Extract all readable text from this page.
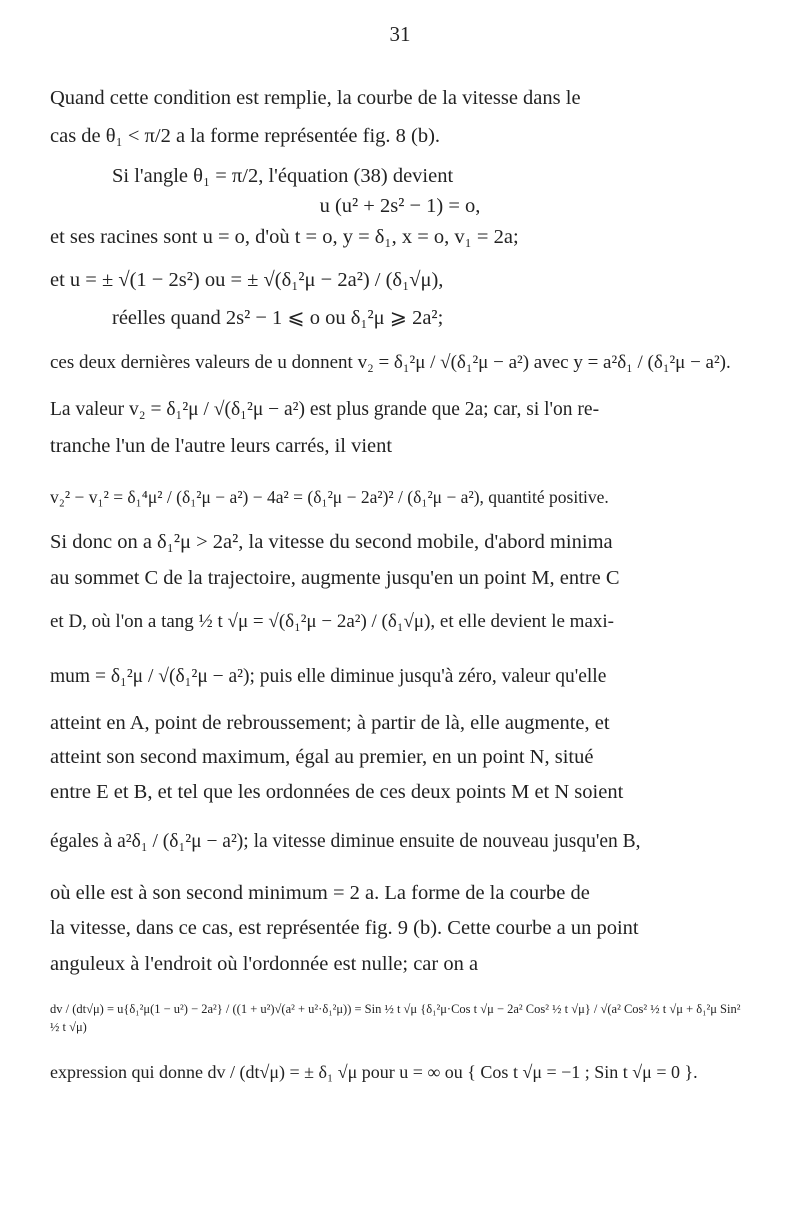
31
Quand cette condition est remplie, la courbe de la vitesse dans le
cas de θ₁ < π/2 a la forme représentée fig. 8 (b).
Si l'angle θ₁ = π/2, l'équation (38) devient
u (u² + 2s² − 1) = o,
et ses racines sont u = o, d'où t = o, y = δ₁, x = o, v₁ = 2a;
et u = ± √(1 − 2s²) ou = ± √(δ₁²μ − 2a²) / (δ₁√μ),
réelles quand 2s² − 1 ⩽ o ou δ₁²μ ⩾ 2a²;
ces deux dernières valeurs de u donnent v₂ = δ₁²μ / √(δ₁²μ − a²) avec y = a²δ₁ / (δ₁²μ − a²).
La valeur v₂ = δ₁²μ / √(δ₁²μ − a²) est plus grande que 2a; car, si l'on re-
tranche l'un de l'autre leurs carrés, il vient
v₂² − v₁² = δ₁⁴μ² / (δ₁²μ − a²) − 4a² = (δ₁²μ − 2a²)² / (δ₁²μ − a²), quantité positive.
Si donc on a δ₁²μ > 2a², la vitesse du second mobile, d'abord minima
au sommet C de la trajectoire, augmente jusqu'en un point M, entre C
et D, où l'on a tang ½ t √μ = √(δ₁²μ − 2a²) / (δ₁√μ), et elle devient le maxi-
mum = δ₁²μ / √(δ₁²μ − a²); puis elle diminue jusqu'à zéro, valeur qu'elle
atteint en A, point de rebroussement; à partir de là, elle augmente, et
atteint son second maximum, égal au premier, en un point N, situé
entre E et B, et tel que les ordonnées de ces deux points M et N soient
égales à a²δ₁ / (δ₁²μ − a²); la vitesse diminue ensuite de nouveau jusqu'en B,
où elle est à son second minimum = 2 a. La forme de la courbe de
la vitesse, dans ce cas, est représentée fig. 9 (b). Cette courbe a un point
anguleux à l'endroit où l'ordonnée est nulle; car on a
dv / (dt√μ) = u{δ₁²μ(1 − u²) − 2a²} / ((1 + u²)√(a² + u²·δ₁²μ)) = Sin ½ t √μ {δ₁²μ·Cos t √μ − 2a² Cos² ½ t √μ} / √(a² Cos² ½ t √μ + δ₁²μ Sin² ½ t √μ)
expression qui donne dv / (dt√μ) = ± δ₁ √μ pour u = ∞ ou { Cos t √μ = −1 ; Sin t √μ = 0 }.
